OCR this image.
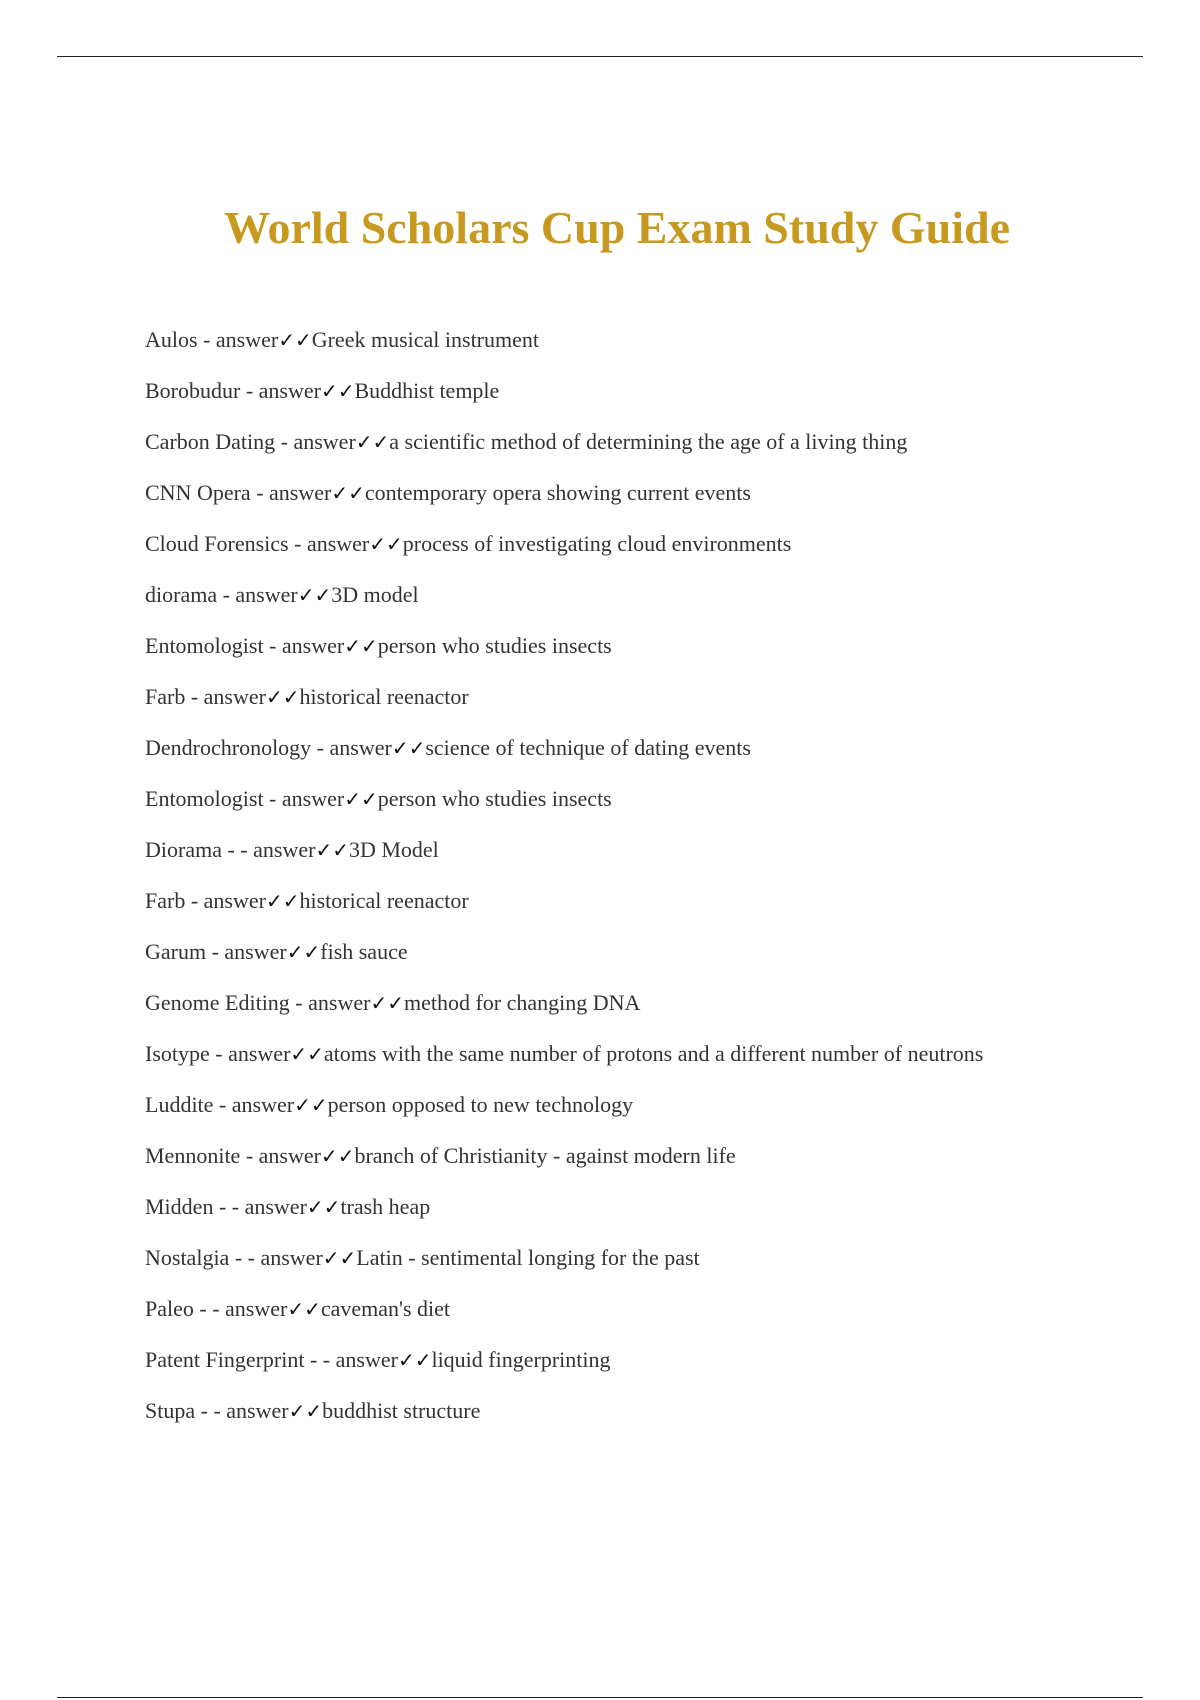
World Scholars Cup Exam Study Guide
Aulos - answer✓✓Greek musical instrument
Borobudur - answer✓✓Buddhist temple
Carbon Dating - answer✓✓a scientific method of determining the age of a living thing
CNN Opera - answer✓✓contemporary opera showing current events
Cloud Forensics - answer✓✓process of investigating cloud environments
diorama - answer✓✓3D model
Entomologist - answer✓✓person who studies insects
Farb - answer✓✓historical reenactor
Dendrochronology - answer✓✓science of technique of dating events
Entomologist - answer✓✓person who studies insects
Diorama - - answer✓✓3D Model
Farb - answer✓✓historical reenactor
Garum - answer✓✓fish sauce
Genome Editing - answer✓✓method for changing DNA
Isotype - answer✓✓atoms with the same number of protons and a different number of neutrons
Luddite - answer✓✓person opposed to new technology
Mennonite - answer✓✓branch of Christianity - against modern life
Midden - - answer✓✓trash heap
Nostalgia - - answer✓✓Latin - sentimental longing for the past
Paleo - - answer✓✓caveman's diet
Patent Fingerprint - - answer✓✓liquid fingerprinting
Stupa - - answer✓✓buddhist structure
